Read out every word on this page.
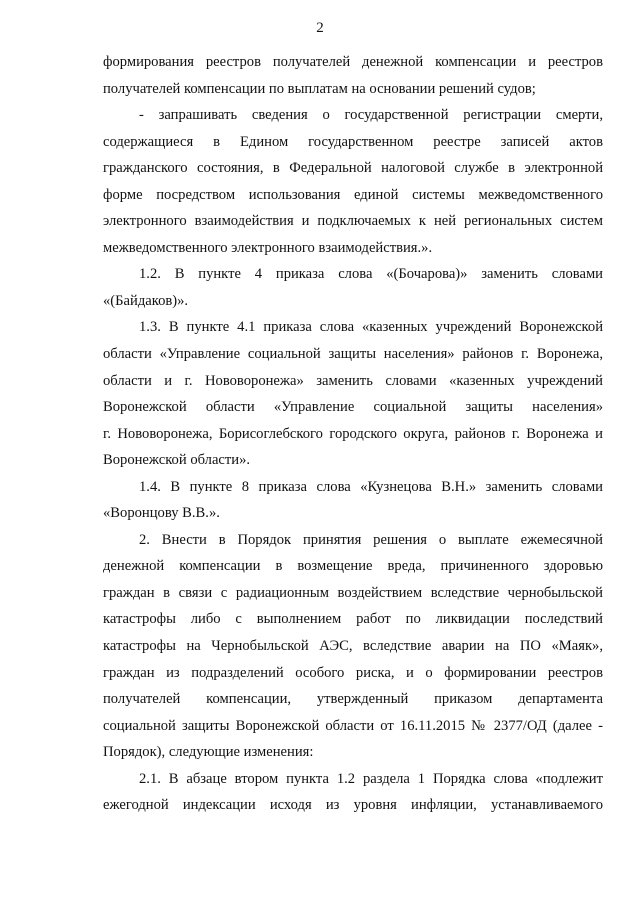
2
формирования реестров получателей денежной компенсации и реестров
получателей компенсации по выплатам на основании решений судов;
- запрашивать сведения о государственной регистрации смерти,
содержащиеся в Едином государственном реестре записей актов
гражданского состояния, в Федеральной налоговой службе в электронной
форме посредством использования единой системы межведомственного
электронного взаимодействия и подключаемых к ней региональных систем
межведомственного электронного взаимодействия.».
1.2. В пункте 4 приказа слова «(Бочарова)» заменить словами
«(Байдаков)».
1.3. В пункте 4.1 приказа слова «казенных учреждений Воронежской
области «Управление социальной защиты населения» районов г. Воронежа,
области и г. Нововоронежа» заменить словами «казенных учреждений
Воронежской области «Управление социальной защиты населения»
г. Нововоронежа, Борисоглебского городского округа, районов г. Воронежа и
Воронежской области».
1.4. В пункте 8 приказа слова «Кузнецова В.Н.» заменить словами
«Воронцову В.В.».
2. Внести в Порядок принятия решения о выплате ежемесячной
денежной компенсации в возмещение вреда, причиненного здоровью
граждан в связи с радиационным воздействием вследствие чернобыльской
катастрофы либо с выполнением работ по ликвидации последствий
катастрофы на Чернобыльской АЭС, вследствие аварии на ПО «Маяк»,
граждан из подразделений особого риска, и о формировании реестров
получателей компенсации, утвержденный приказом департамента
социальной защиты Воронежской области от 16.11.2015 № 2377/ОД (далее -
Порядок), следующие изменения:
2.1. В абзаце втором пункта 1.2 раздела 1 Порядка слова «подлежит
ежегодной индексации исходя из уровня инфляции, устанавливаемого
